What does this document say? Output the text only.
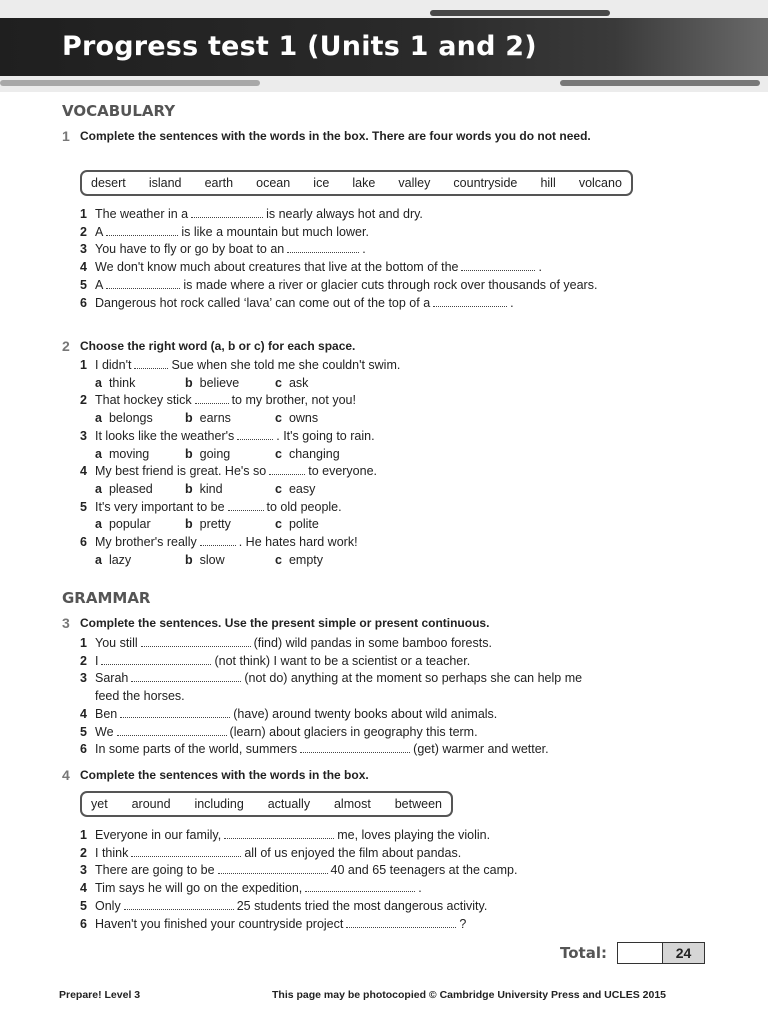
Progress test 1 (Units 1 and 2)
VOCABULARY
1 Complete the sentences with the words in the box. There are four words you do not need.

desert island earth ocean ice lake valley countryside hill volcano
1 The weather in a	is nearly always hot and dry.
2 A	is like a mountain but much lower.
3 You have to fly or go by boat to an	.
4 We don't know much about creatures that live at the bottom of the	.
5 A	is made where a river or glacier cuts through rock over thousands of years.
6 Dangerous hot rock called ‘lava’ can come out of the top of a	.
2 Choose the right word (a, b or c) for each space.

1 I didn't	Sue when she told me she couldn't swim.
a think	b believe	c ask
2 That hockey stick	to my brother, not you!
a belongs	b earns	c owns
3 It looks like the weather's	. It's going to rain.
a moving	b going	c changing
4 My best friend is great. He's so	to everyone.
a pleased	b kind	c easy
5 It's very important to be	to old people.
a popular	b pretty	c polite
6 My brother's really	. He hates hard work!
a lazy	b slow	c empty
GRAMMAR
3 Complete the sentences. Use the present simple or present continuous.

1 You still	(find) wild pandas in some bamboo forests.
2 I	(not think) I want to be a scientist or a teacher.
3 Sarah	(not do) anything at the moment so perhaps she can help me feed the horses.
4 Ben	(have) around twenty books about wild animals.
5 We	(learn) about glaciers in geography this term.
6 In some parts of the world, summers	(get) warmer and wetter.
4 Complete the sentences with the words in the box.

yet around including actually almost between
1 Everyone in our family,	me, loves playing the violin.
2 I think	all of us enjoyed the film about pandas.
3 There are going to be	40 and 65 teenagers at the camp.
4 Tim says he will go on the expedition,	.
5 Only	25 students tried the most dangerous activity.
6 Haven't you finished your countryside project	?
Total:	24
Prepare! Level 3	This page may be photocopied © Cambridge University Press and UCLES 2015
